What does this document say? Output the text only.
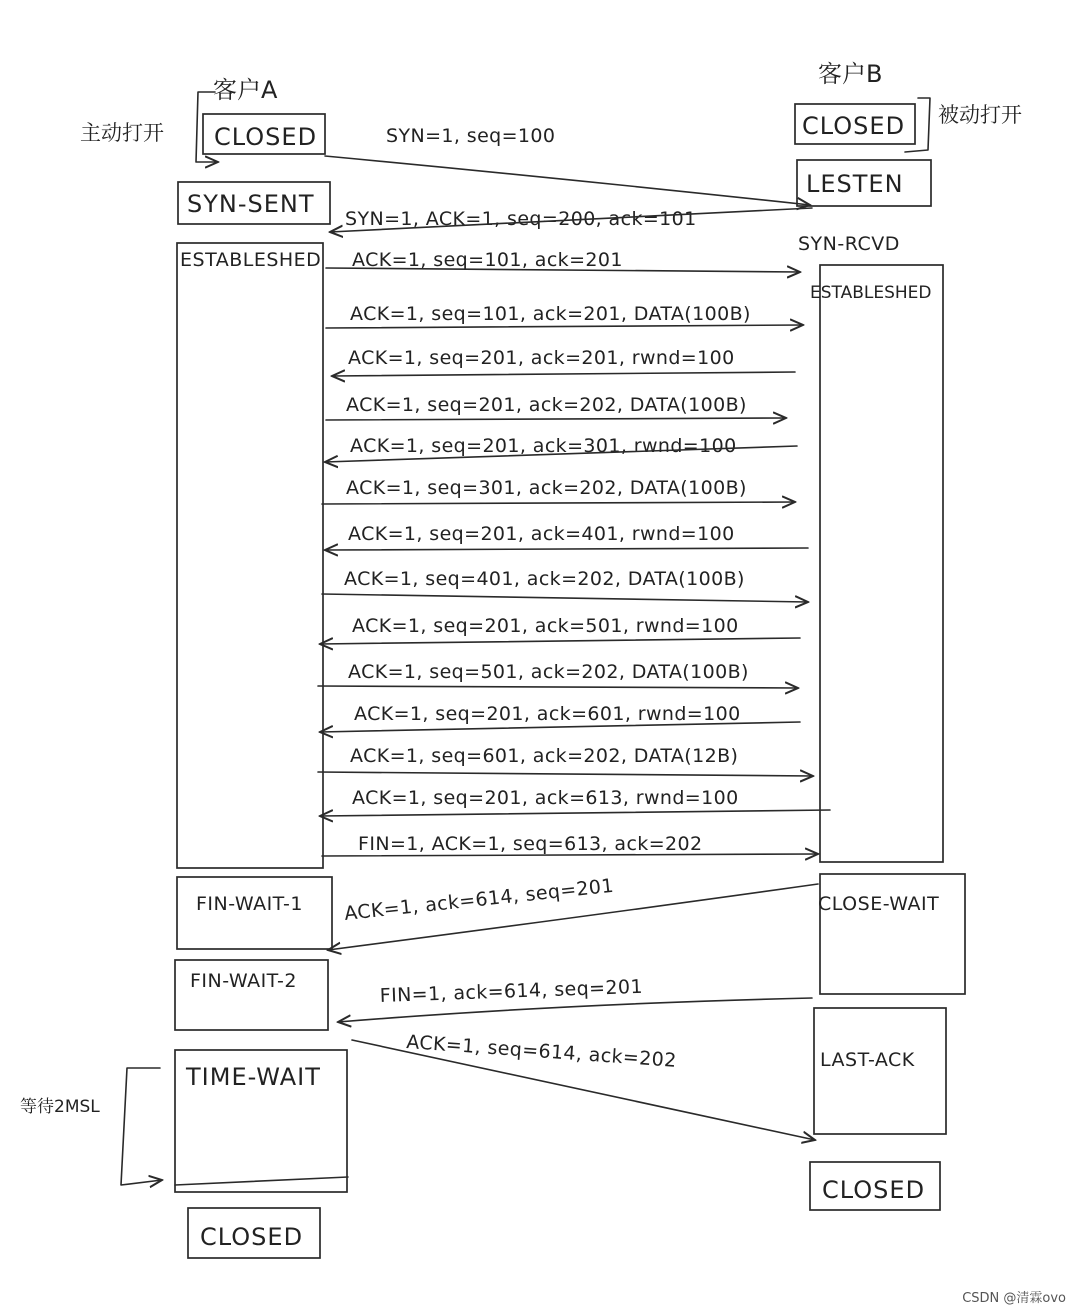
客户A
主动打开 CLOSED
SYN-SENT
ESTABLESHED
FIN-WAIT-1
FIN-WAIT-2
TIME-WAIT
等待2MSL
CLOSED
客户B
被动打开
CLOSED
LESTEN
SYN-RCVD
ESTABLESHED
CLOSE-WAIT
LAST-ACK
CLOSED
SYN=1, seq=100
SYN=1, ACK=1, seq=200, ack=101
ACK=1, seq=101, ack=201
ACK=1, seq=101, ack=201, DATA(100B)
ACK=1, seq=201, ack=201, rwnd=100
ACK=1, seq=201, ack=202, DATA(100B)
ACK=1, seq=201, ack=301, rwnd=100
ACK=1, seq=301, ack=202, DATA(100B)
ACK=1, seq=201, ack=401, rwnd=100
ACK=1, seq=401, ack=202, DATA(100B)
ACK=1, seq=201, ack=501, rwnd=100
ACK=1, seq=501, ack=202, DATA(100B)
ACK=1, seq=201, ack=601, rwnd=100
ACK=1, seq=601, ack=202, DATA(12B)
ACK=1, seq=201, ack=613, rwnd=100
FIN=1, ACK=1, seq=613, ack=202
ACK=1, ack=614, seq=201
FIN=1, ack=614, seq=201
ACK=1, seq=614, ack=202
CSDN @清霖ovo
